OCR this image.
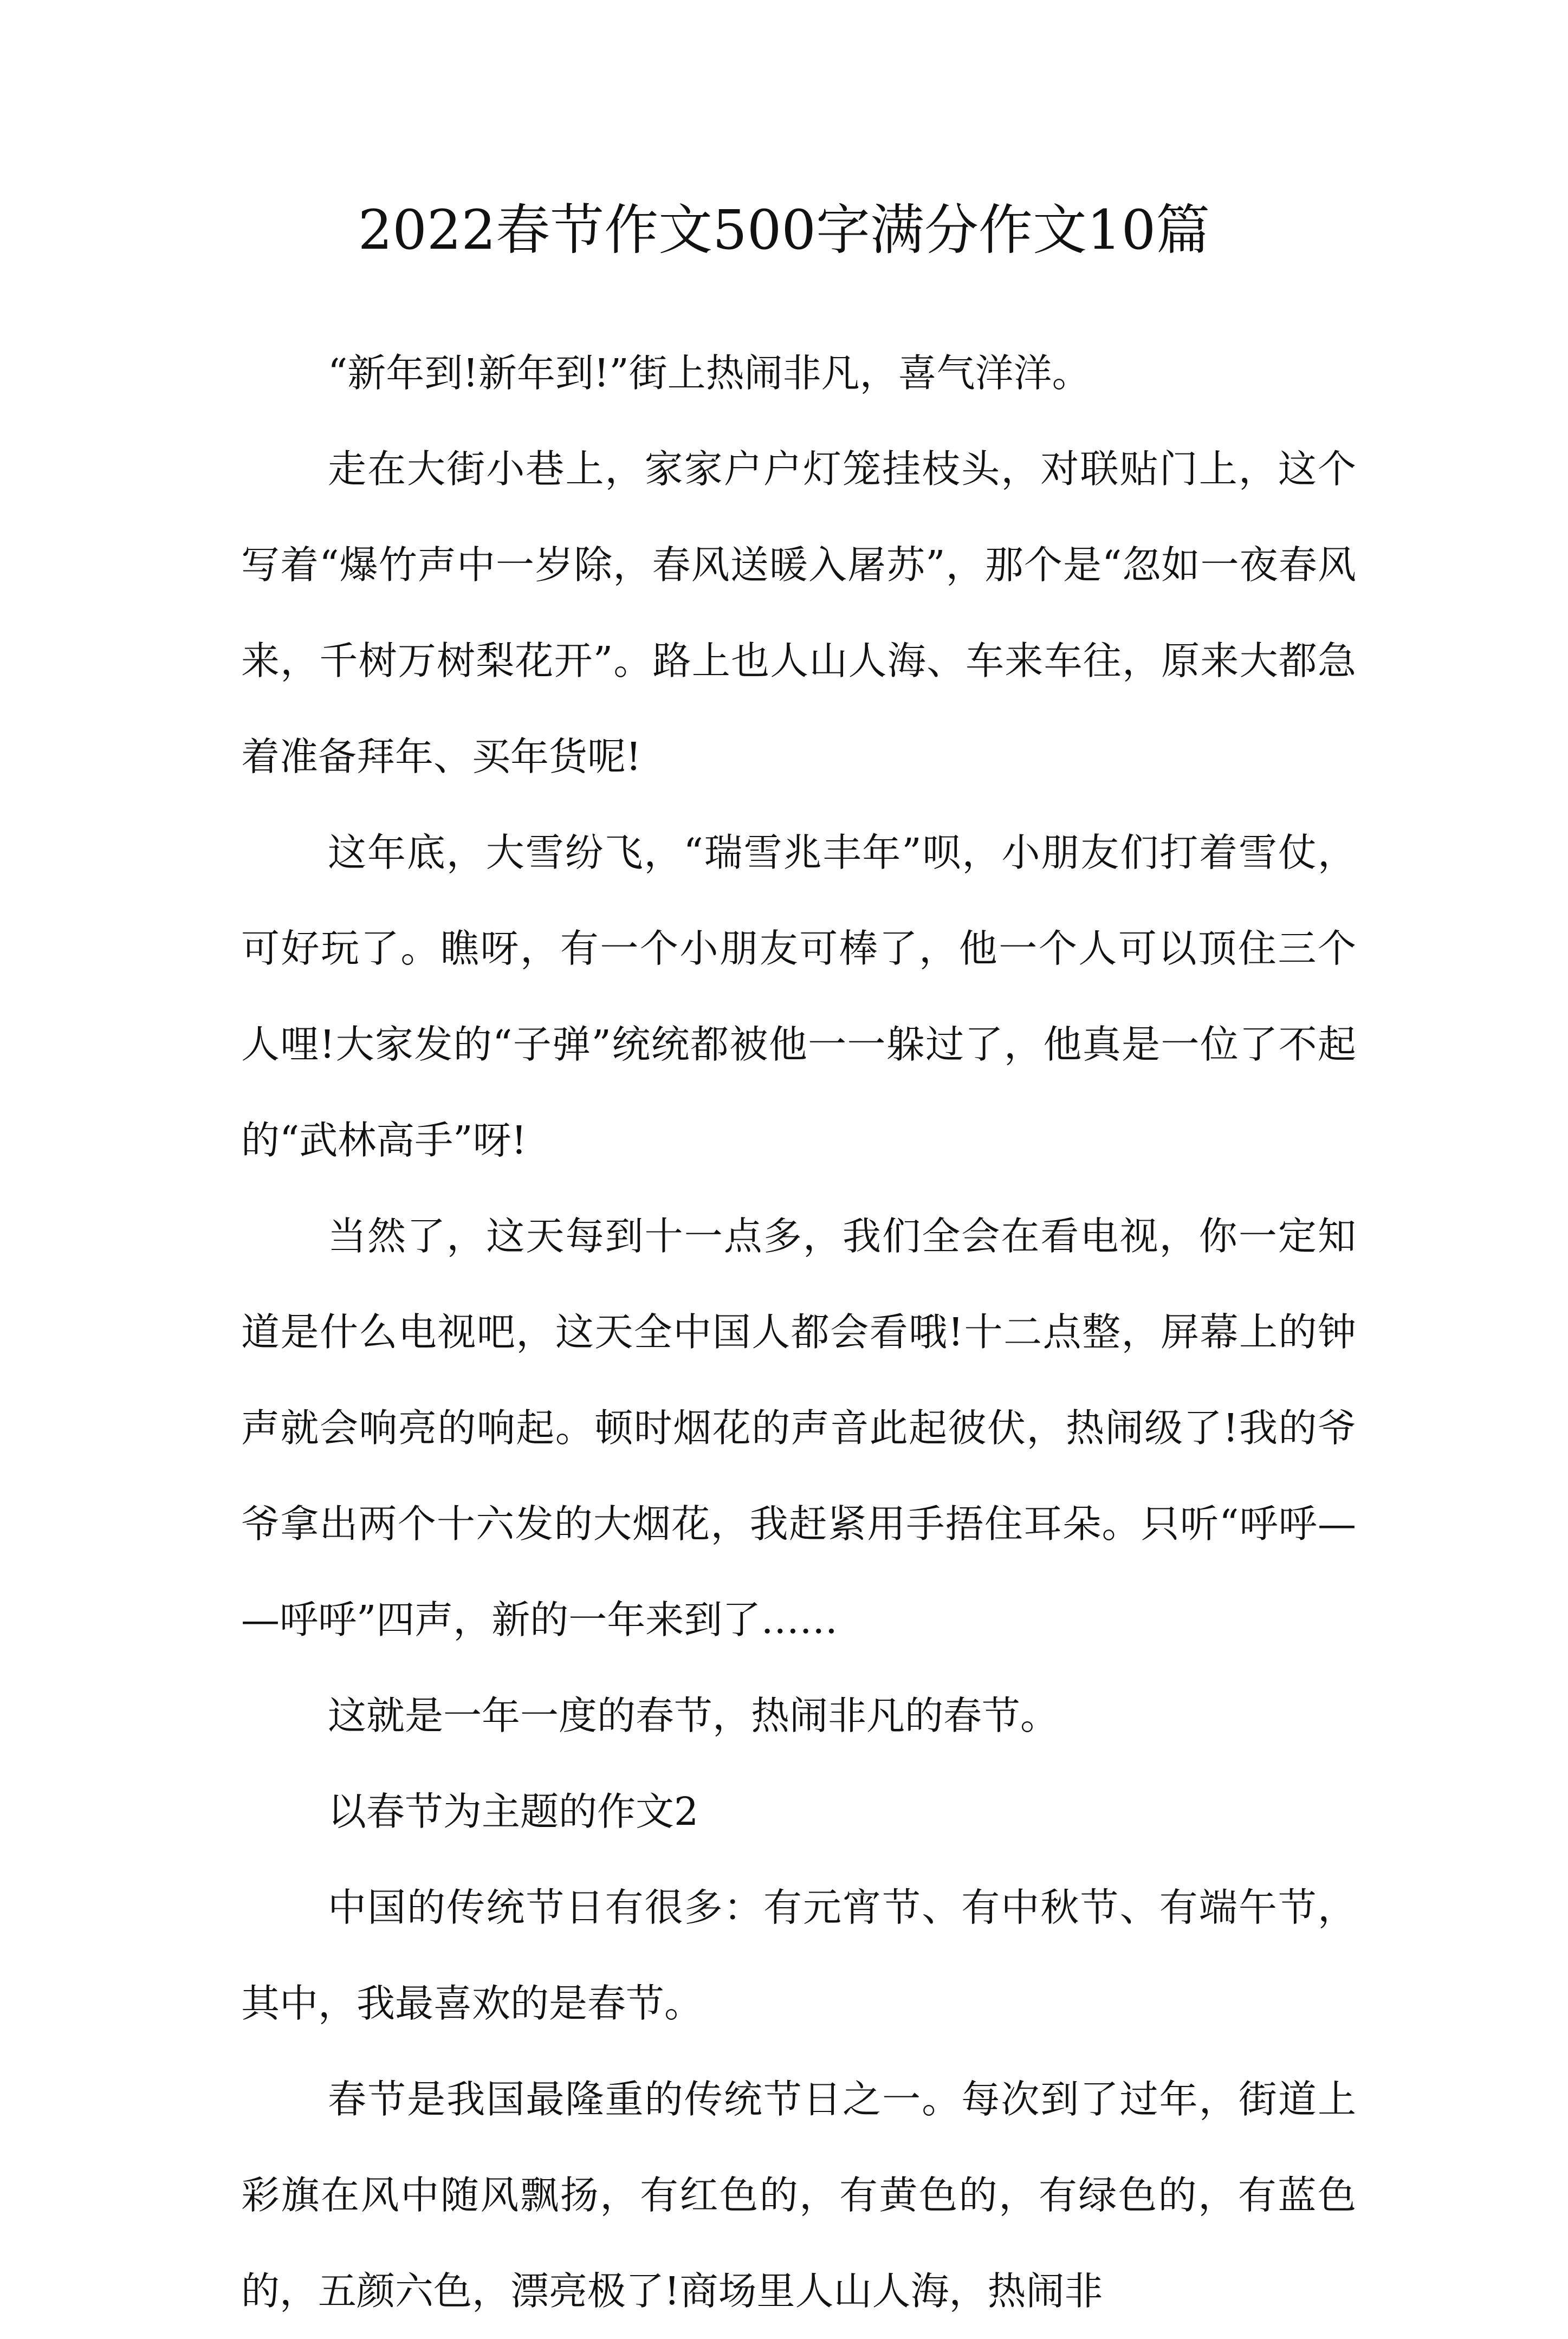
2022春节作文500字满分作文10篇

“新年到!新年到!”街上热闹非凡，喜气洋洋。

走在大街小巷上，家家户户灯笼挂枝头，对联贴门上，这个写着“爆竹声中一岁除，春风送暖入屠苏”，那个是“忽如一夜春风来，千树万树梨花开”。路上也人山人海、车来车往，原来大都急着准备拜年、买年货呢!

这年底，大雪纷飞，“瑞雪兆丰年”呗，小朋友们打着雪仗，可好玩了。瞧呀，有一个小朋友可棒了，他一个人可以顶住三个人哩!大家发的“子弹”统统都被他一一躲过了，他真是一位了不起的“武林高手”呀!

当然了，这天每到十一点多，我们全会在看电视，你一定知道是什么电视吧，这天全中国人都会看哦!十二点整，屏幕上的钟声就会响亮的响起。顿时烟花的声音此起彼伏，热闹级了!我的爷爷拿出两个十六发的大烟花，我赶紧用手捂住耳朵。只听“呼呼——呼呼”四声，新的一年来到了……

这就是一年一度的春节，热闹非凡的春节。

以春节为主题的作文2

中国的传统节日有很多：有元宵节、有中秋节、有端午节，其中，我最喜欢的是春节。

春节是我国最隆重的传统节日之一。每次到了过年，街道上彩旗在风中随风飘扬，有红色的，有黄色的，有绿色的，有蓝色的，五颜六色，漂亮极了!商场里人山人海，热闹非
